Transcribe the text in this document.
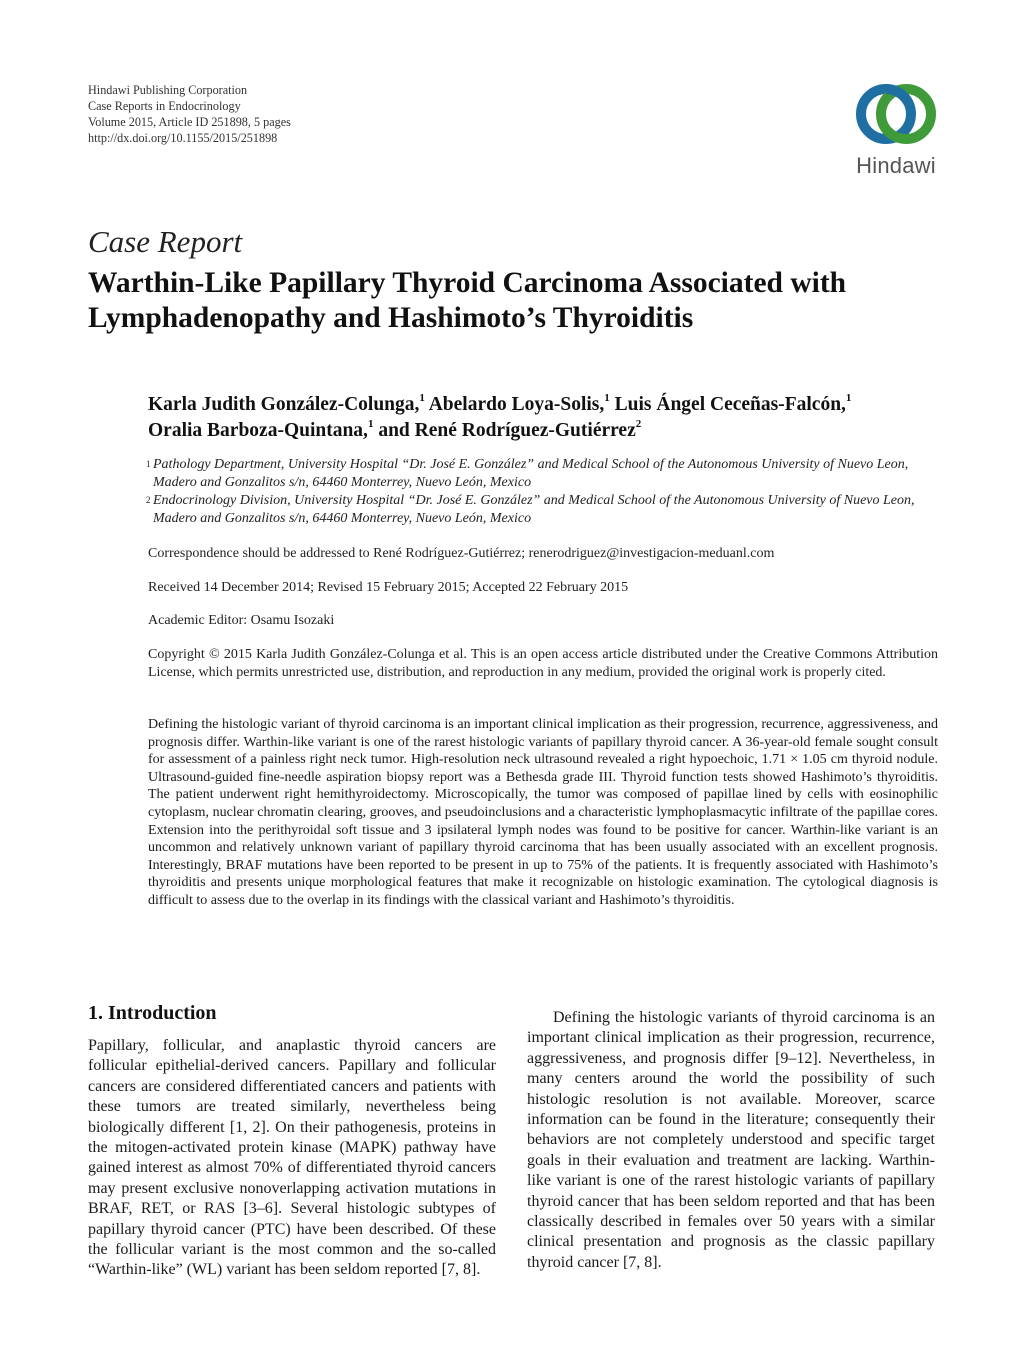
Hindawi Publishing Corporation
Case Reports in Endocrinology
Volume 2015, Article ID 251898, 5 pages
http://dx.doi.org/10.1155/2015/251898
Hindawi
Case Report
Warthin-Like Papillary Thyroid Carcinoma Associated with Lymphadenopathy and Hashimoto’s Thyroiditis
Karla Judith González-Colunga,$^1$ Abelardo Loya-Solis,$^1$ Luis Ángel Ceceñas-Falcón,$^1$
Oralia Barboza-Quintana,$^1$ and René Rodríguez-Gutiérrez$^2$
1 Pathology Department, University Hospital “Dr. José E. González” and Medical School of the Autonomous University of Nuevo Leon, Madero and Gonzalitos s/n, 64460 Monterrey, Nuevo León, Mexico
2 Endocrinology Division, University Hospital “Dr. José E. González” and Medical School of the Autonomous University of Nuevo Leon, Madero and Gonzalitos s/n, 64460 Monterrey, Nuevo León, Mexico
Correspondence should be addressed to René Rodríguez-Gutiérrez; renerodriguez@investigacion-meduanl.com
Received 14 December 2014; Revised 15 February 2015; Accepted 22 February 2015
Academic Editor: Osamu Isozaki
Copyright © 2015 Karla Judith González-Colunga et al. This is an open access article distributed under the Creative Commons Attribution License, which permits unrestricted use, distribution, and reproduction in any medium, provided the original work is properly cited.
Defining the histologic variant of thyroid carcinoma is an important clinical implication as their progression, recurrence, aggressiveness, and prognosis differ. Warthin-like variant is one of the rarest histologic variants of papillary thyroid cancer. A 36-year-old female sought consult for assessment of a painless right neck tumor. High-resolution neck ultrasound revealed a right hypoechoic, 1.71 × 1.05 cm thyroid nodule. Ultrasound-guided fine-needle aspiration biopsy report was a Bethesda grade III. Thyroid function tests showed Hashimoto’s thyroiditis. The patient underwent right hemithyroidectomy. Microscopically, the tumor was composed of papillae lined by cells with eosinophilic cytoplasm, nuclear chromatin clearing, grooves, and pseudoinclusions and a characteristic lymphoplasmacytic infiltrate of the papillae cores. Extension into the perithyroidal soft tissue and 3 ipsilateral lymph nodes was found to be positive for cancer. Warthin-like variant is an uncommon and relatively unknown variant of papillary thyroid carcinoma that has been usually associated with an excellent prognosis. Interestingly, BRAF mutations have been reported to be present in up to 75% of the patients. It is frequently associated with Hashimoto’s thyroiditis and presents unique morphological features that make it recognizable on histologic examination. The cytological diagnosis is difficult to assess due to the overlap in its findings with the classical variant and Hashimoto’s thyroiditis.
1. Introduction
Papillary, follicular, and anaplastic thyroid cancers are follicular epithelial-derived cancers. Papillary and follicular cancers are considered differentiated cancers and patients with these tumors are treated similarly, nevertheless being biologically different [1, 2]. On their pathogenesis, proteins in the mitogen-activated protein kinase (MAPK) pathway have gained interest as almost 70% of differentiated thyroid cancers may present exclusive nonoverlapping activation mutations in BRAF, RET, or RAS [3–6]. Several histologic subtypes of papillary thyroid cancer (PTC) have been described. Of these the follicular variant is the most common and the so-called “Warthin-like” (WL) variant has been seldom reported [7, 8].
Defining the histologic variants of thyroid carcinoma is an important clinical implication as their progression, recurrence, aggressiveness, and prognosis differ [9–12]. Nevertheless, in many centers around the world the possibility of such histologic resolution is not available. Moreover, scarce information can be found in the literature; consequently their behaviors are not completely understood and specific target goals in their evaluation and treatment are lacking. Warthin-like variant is one of the rarest histologic variants of papillary thyroid cancer that has been seldom reported and that has been classically described in females over 50 years with a similar clinical presentation and prognosis as the classic papillary thyroid cancer [7, 8].
